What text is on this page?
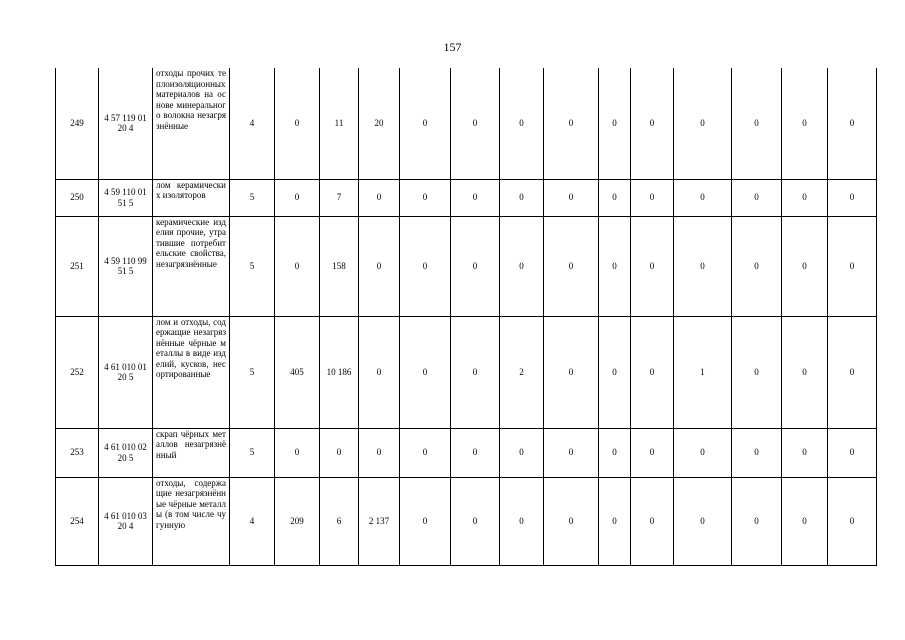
157
249	4 57 119 01 20 4	отходы прочих теплоизоляционных материалов на основе минерального волокна незагрязнённые	4	0	11	20	0	0	0	0	0	0	0	0	0	0
250	4 59 110 01 51 5	лом керамических изоляторов	5	0	7	0	0	0	0	0	0	0	0	0	0	0
251	4 59 110 99 51 5	керамические изделия прочие, утратившие потребительские свойства, незагрязнённые	5	0	158	0	0	0	0	0	0	0	0	0	0	0
252	4 61 010 01 20 5	лом и отходы, содержащие незагрязнённые чёрные металлы в виде изделий, кусков, несортированные	5	405	10 186	0	0	0	2	0	0	0	1	0	0	0
253	4 61 010 02 20 5	скрап чёрных металлов незагрязнённый	5	0	0	0	0	0	0	0	0	0	0	0	0	0
254	4 61 010 03 20 4	отходы, содержащие незагрязнённые чёрные металлы (в том числе чугунную	4	209	6	2 137	0	0	0	0	0	0	0	0	0	0
